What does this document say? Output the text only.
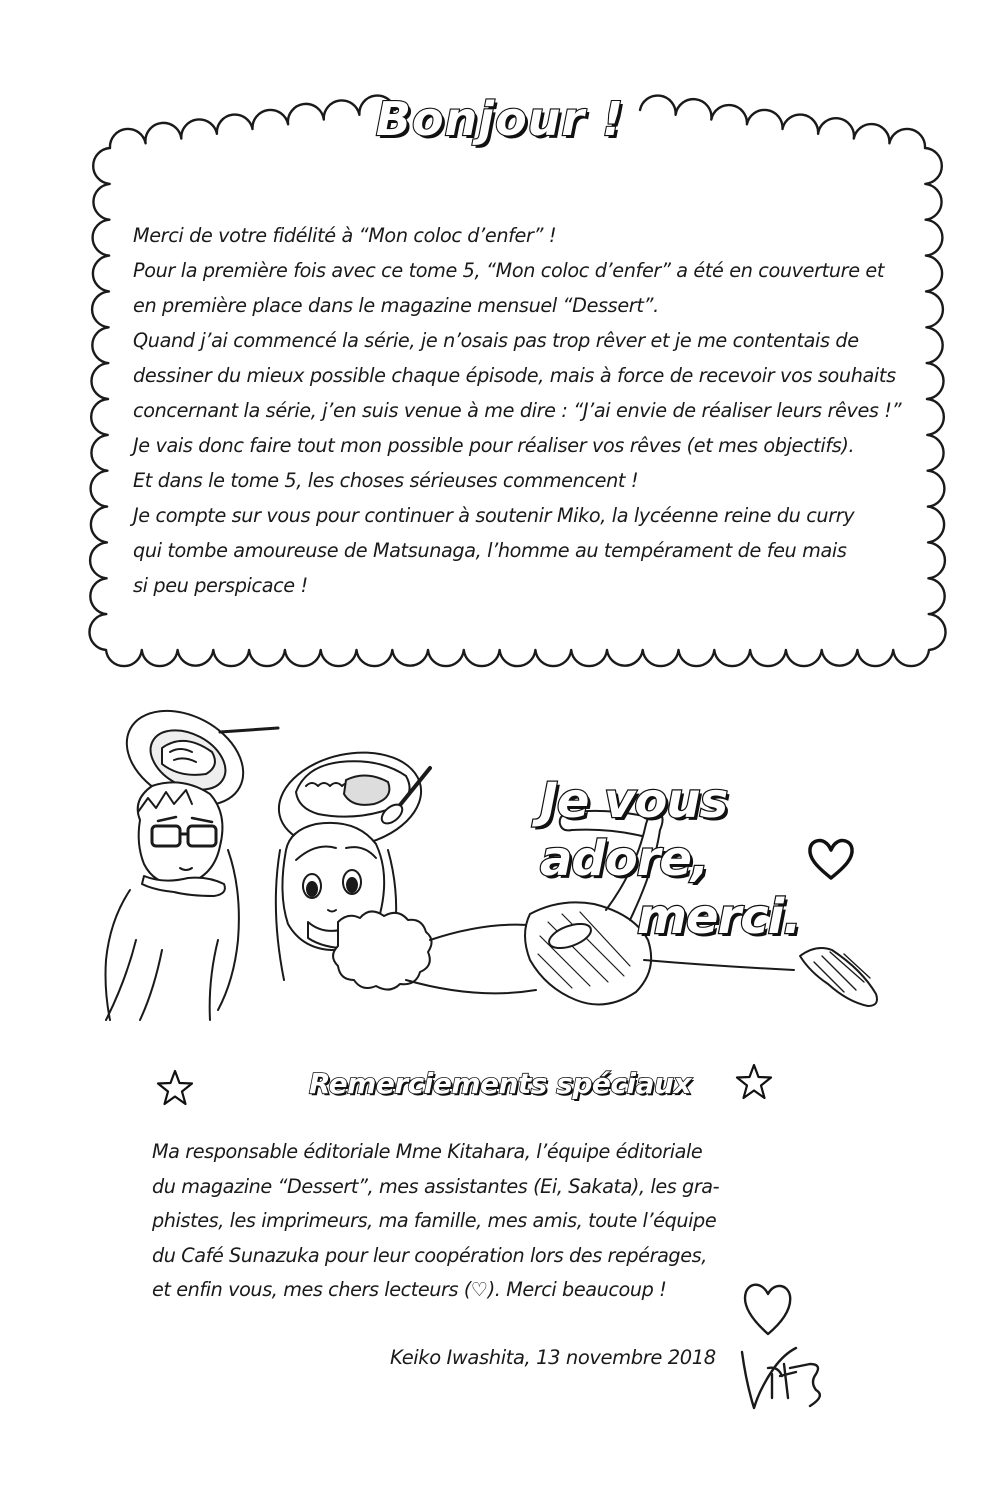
Bonjour !

Merci de votre fidélité à “Mon coloc d’enfer” !

Pour la première fois avec ce tome 5, “Mon coloc d’enfer” a été en couverture et

en première place dans le magazine mensuel “Dessert”.

Quand j’ai commencé la série, je n’osais pas trop rêver et je me contentais de

dessiner du mieux possible chaque épisode, mais à force de recevoir vos souhaits

concernant la série, j’en suis venue à me dire : “J’ai envie de réaliser leurs rêves !”

Je vais donc faire tout mon possible pour réaliser vos rêves (et mes objectifs).

Et dans le tome 5, les choses sérieuses commencent !

Je compte sur vous pour continuer à soutenir Miko, la lycéenne reine du curry

qui tombe amoureuse de Matsunaga, l’homme au tempérament de feu mais

si peu perspicace !

Je vous adore,
merci.
Remerciements spéciaux

Ma responsable éditoriale Mme Kitahara, l’équipe éditoriale

du magazine “Dessert”, mes assistantes (Ei, Sakata), les gra-

phistes, les imprimeurs, ma famille, mes amis, toute l’équipe

du Café Sunazuka pour leur coopération lors des repérages,

et enfin vous, mes chers lecteurs (♡). Merci beaucoup !

Keiko Iwashita, 13 novembre 2018
